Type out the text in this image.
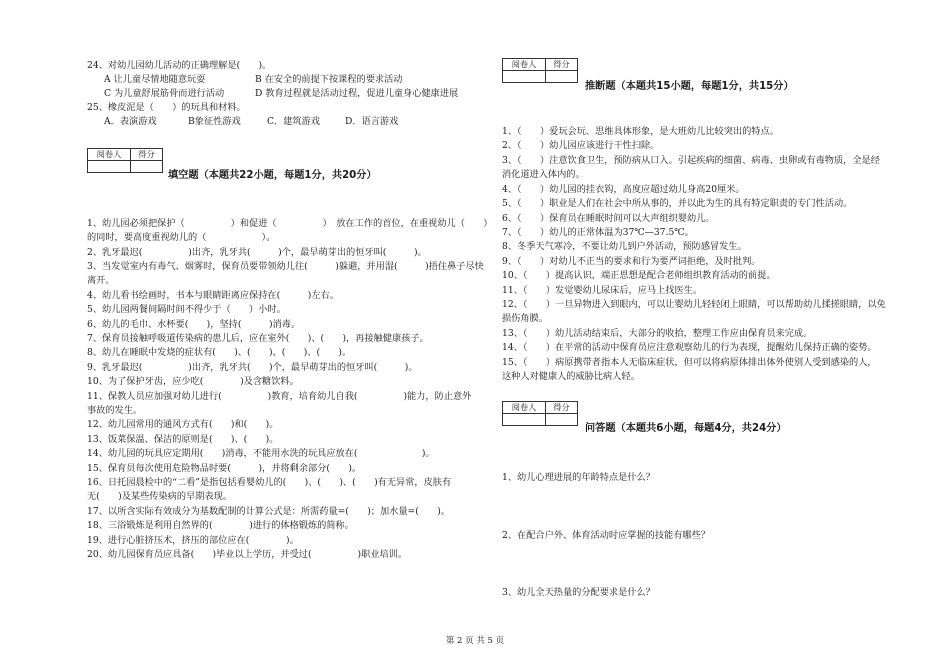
24、对幼儿园幼儿活动的正确理解是(　　)。
A 让儿童尽情地随意玩耍	B 在安全的前提下按课程的要求活动
C 为儿童舒展筋骨而进行活动	D 教育过程就是活动过程，促进儿童身心健康进展
25、橡皮泥是（　　）的玩具和材料。
A．表演游戏	B象征性游戏	C．建筑游戏	D．语言游戏
阅卷人	得分

填空题（本题共22小题，每题1分，共20分）
1、幼儿园必须把保护（　　　　　）和促进（　　　　　）　放在工作的首位，在重视幼儿（　　）
的同时，要高度重视幼儿的（　　　　　　）。
2、乳牙最迟(　　　　　)出齐，乳牙共(　　　)个，最早萌芽出的恒牙叫(　　　)。
3、当发觉室内有毒气、烟雾时，保育员要带领幼儿往(　　　)躲避，并用湿(　　　)捂住鼻子尽快
离开。
4、幼儿看书绘画时，书本与眼睛距离应保持在(　　　)左右。
5、幼儿园两餐间隔时间不得少于（　　）小时。
6、幼儿的毛巾、水杯要(　　)，坚持(　　　)消毒。
7、保育员接触呼吸道传染病的患儿后，应在室外(　　)、(　　)，再接触健康孩子。
8、幼儿在睡眠中发烧的症状有(　　)、(　　)、(　　)、(　　)。
9、乳牙最迟(　　　　　)出齐，乳牙共(　　)个，最早萌芽出的恒牙叫(　　　)。
10、为了保护牙齿，应少吃(　　　　)及含糖饮料。
11、保教人员应加强对幼儿进行(　　　　　)教育，培育幼儿自我(　　　　　)能力，防止意外
事故的发生。
12、幼儿园常用的通风方式有(　　)和(　　)。
13、饭菜保温、保洁的原则是(　　)、(　　)。
14、幼儿园的玩具应定期用(　　)消毒，不能用水洗的玩具应放在(　　　　　　　)。
15、保育员每次使用危险物品时要(　　　)，并将剩余部分(　　)。
16、日托园晨检中的“二看”是指包括看婴幼儿的(　　)、(　　)、(　　)有无异常，皮肤有
无(　　)及某些传染病的早期表现。
17、以所含实际有效成分为基数配制的计算公式是：所需药量=(　　)；加水量=(　　)。
18、三浴锻炼是利用自然界的(　　　　)进行的体格锻炼的简称。
19、进行心脏挤压术，挤压的部位应在(　　　　)。
20、幼儿园保育员应具备(　　)毕业以上学历，并受过(　　　　　)职业培训。
阅卷人	得分

推断题（本题共15小题，每题1分，共15分）
1、（　　）爱玩会玩、思维具体形象，是大班幼儿比较突出的特点。
2、（　　）幼儿园应该进行干性扫除。
3、（　　）注意饮食卫生，预防病从口入。引起疾病的细菌、病毒、虫卵或有毒物质，全是经
消化道进入体内的。
4、（　　）幼儿园的挂衣钩，高度应超过幼儿身高20厘米。
5、（　　）职业是人们在社会中所从事的，并以此为生的具有特定职责的专门性活动。
6、（　　）保育员在睡眠时间可以大声组织婴幼儿。
7、（　　）幼儿的正常体温为37℃—37.5℃。
8、冬季天气寒冷，不要让幼儿到户外活动，预防感冒发生。
9、（　　）对幼儿不正当的要求和行为要严词拒绝，及时批判。
10、（　　）提高认识，端正思想是配合老师组织教育活动的前提。
11、（　　）发觉婴幼儿尿床后，应马上找医生。
12、（　　）一旦异物进入到眼内，可以让婴幼儿轻轻闭上眼睛，可以帮助幼儿揉搓眼睛，以免
损伤角膜。
13、（　　）幼儿活动结束后，大部分的收拾，整理工作应由保育员来完成。
14、（　　）在平常的活动中保育员应注意观察幼儿的行为表现，提醒幼儿保持正确的姿势。
15、（　　）病原携带者指本人无临床症状，但可以将病原体排出体外使别人受到感染的人，
这种人对健康人的威胁比病人轻。
阅卷人	得分

问答题（本题共6小题，每题4分，共24分）
1、幼儿心理进展的年龄特点是什么？
2、在配合户外、体育活动时应掌握的技能有哪些？
3、幼儿全天热量的分配要求是什么？
第 2 页 共 5 页
